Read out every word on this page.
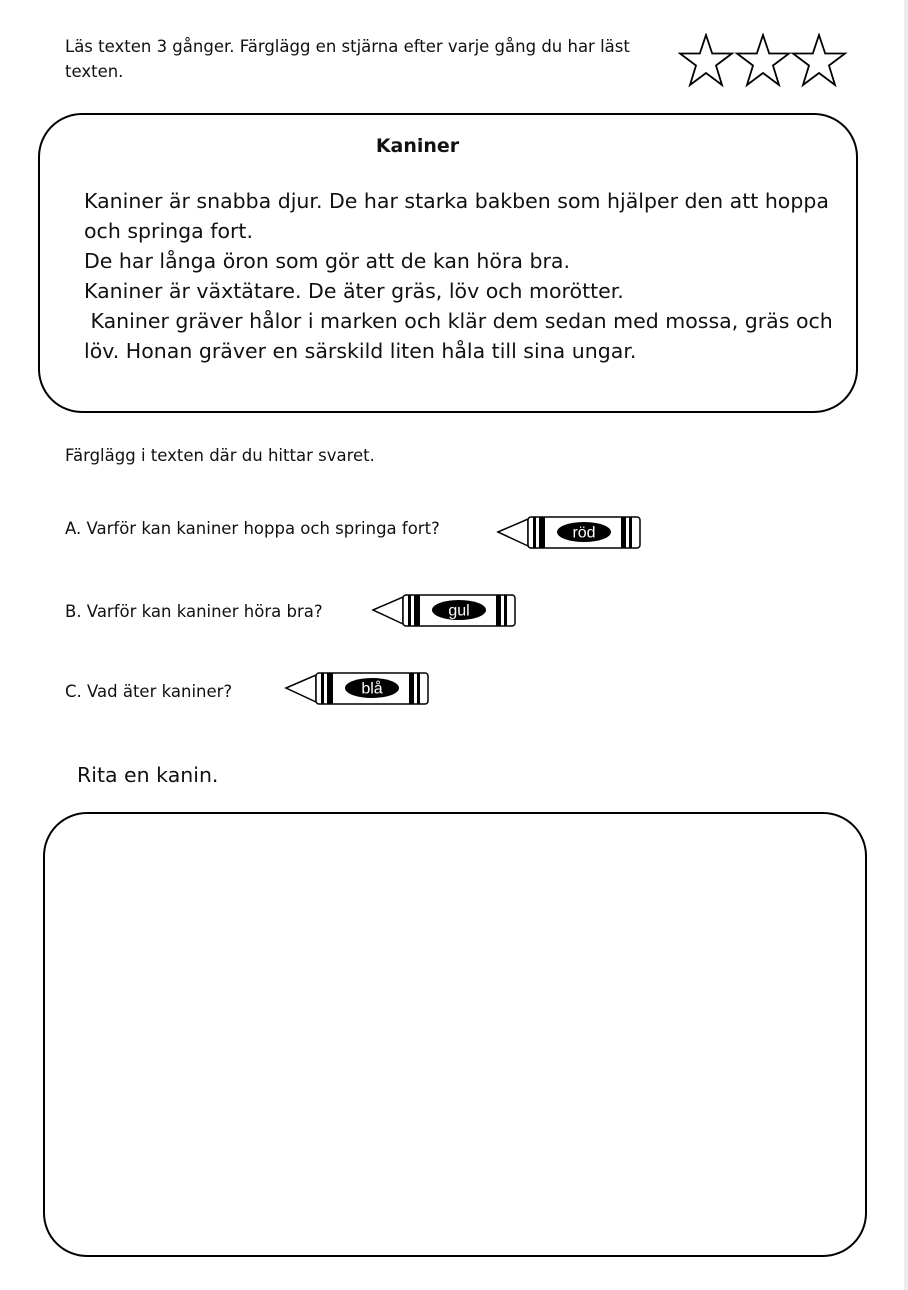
Läs texten 3 gånger. Färglägg en stjärna efter varje gång du har läst texten.
Kaniner

Kaniner är snabba djur. De har starka bakben som hjälper den att hoppa och springa fort.

De har långa öron som gör att de kan höra bra.

Kaniner är växtätare. De äter gräs, löv och morötter.

Kaniner gräver hålor i marken och klär dem sedan med mossa, gräs och löv. Honan gräver en särskild liten håla till sina ungar.

Färglägg i texten där du hittar svaret.
A. Varför kan kaniner hoppa och springa fort?	röd
B. Varför kan kaniner höra bra?	gul
C. Vad äter kaniner?	blå
Rita en kanin.
